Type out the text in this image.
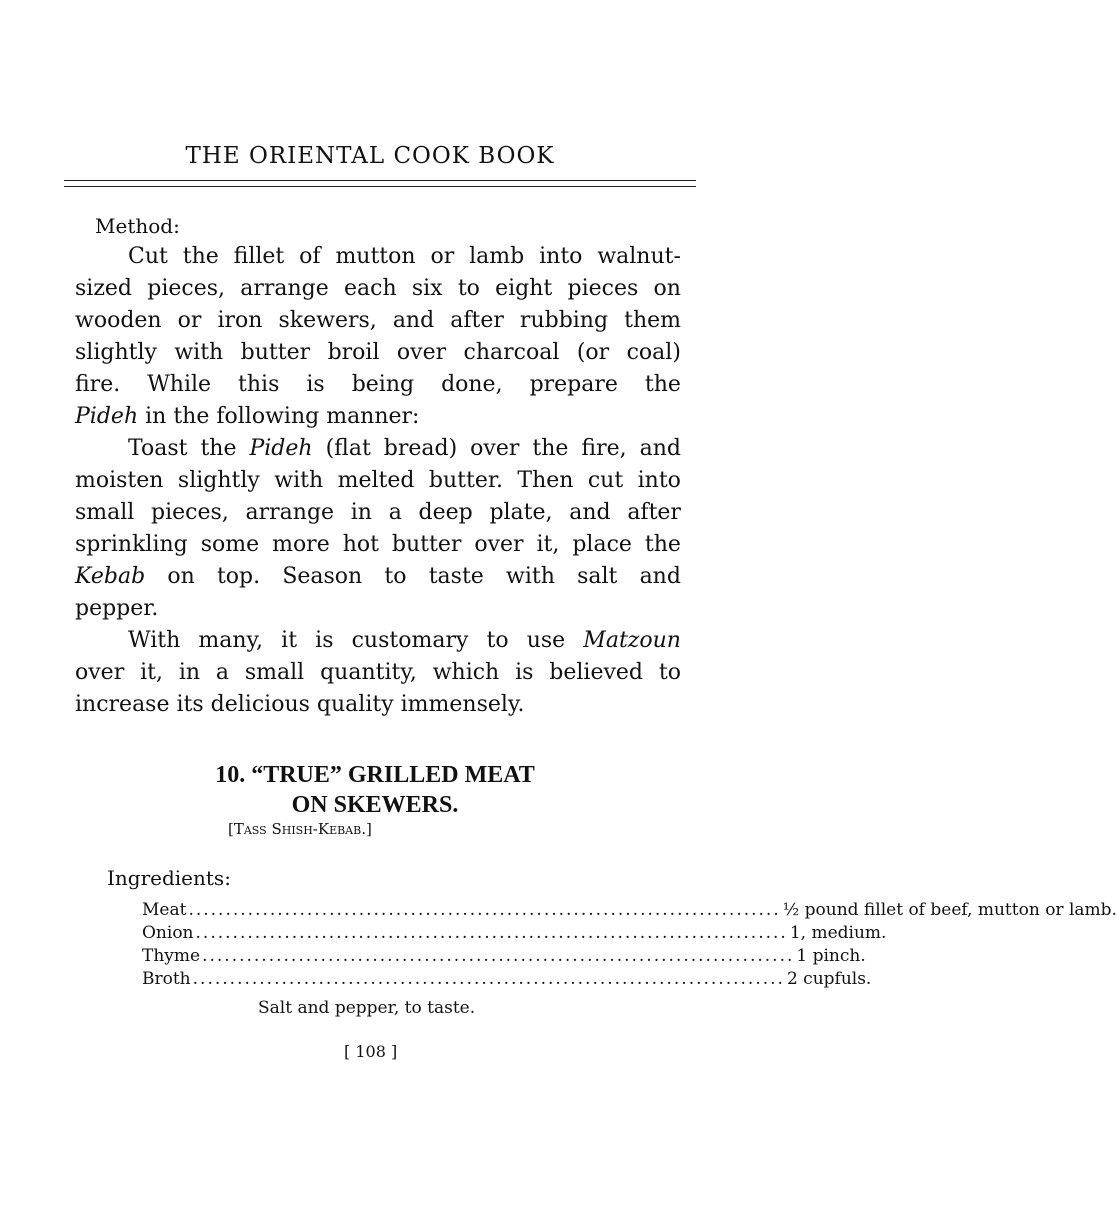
THE ORIENTAL COOK BOOK
Method:
Cut the fillet of mutton or lamb into walnut-
sized pieces, arrange each six to eight pieces on
wooden or iron skewers, and after rubbing them
slightly with butter broil over charcoal (or coal)
fire. While this is being done, prepare the
Pideh in the following manner:
Toast the Pideh (flat bread) over the fire, and
moisten slightly with melted butter. Then cut into
small pieces, arrange in a deep plate, and after
sprinkling some more hot butter over it, place the
Kebab on top. Season to taste with salt and
pepper.
With many, it is customary to use Matzoun
over it, in a small quantity, which is believed to
increase its delicious quality immensely.
10. “TRUE” GRILLED MEAT
ON SKEWERS.
[Tass Shish-Kebab.]
Ingredients:
Meat ................................................................................ ½ pound fillet of beef, mutton or lamb.
Onion ................................................................................ 1, medium.
Thyme ................................................................................ 1 pinch.
Broth ................................................................................ 2 cupfuls.
Salt and pepper, to taste.
[ 108 ]
